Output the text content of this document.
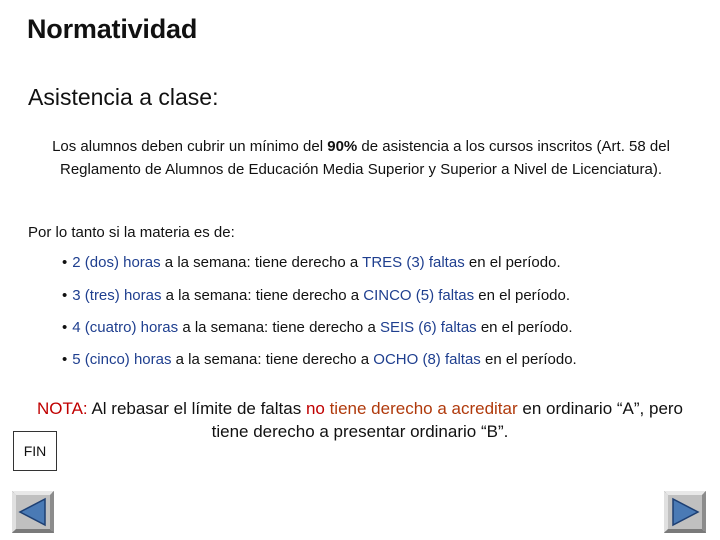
Normatividad
Asistencia a clase:
Los alumnos deben cubrir un mínimo del 90% de asistencia a los cursos inscritos (Art. 58 del Reglamento de Alumnos de Educación Media Superior y Superior a Nivel de Licenciatura).
Por lo tanto si la materia es de:
• 2 (dos) horas a la semana: tiene derecho a TRES (3) faltas en el período.
• 3 (tres) horas a la semana: tiene derecho a CINCO (5) faltas en el período.
• 4 (cuatro) horas a la semana: tiene derecho a SEIS (6) faltas en el período.
• 5 (cinco) horas a la semana: tiene derecho a OCHO (8) faltas en el período.
NOTA: Al rebasar el límite de faltas no tiene derecho a acreditar en ordinario “A”, pero tiene derecho a presentar ordinario “B”.
FIN
